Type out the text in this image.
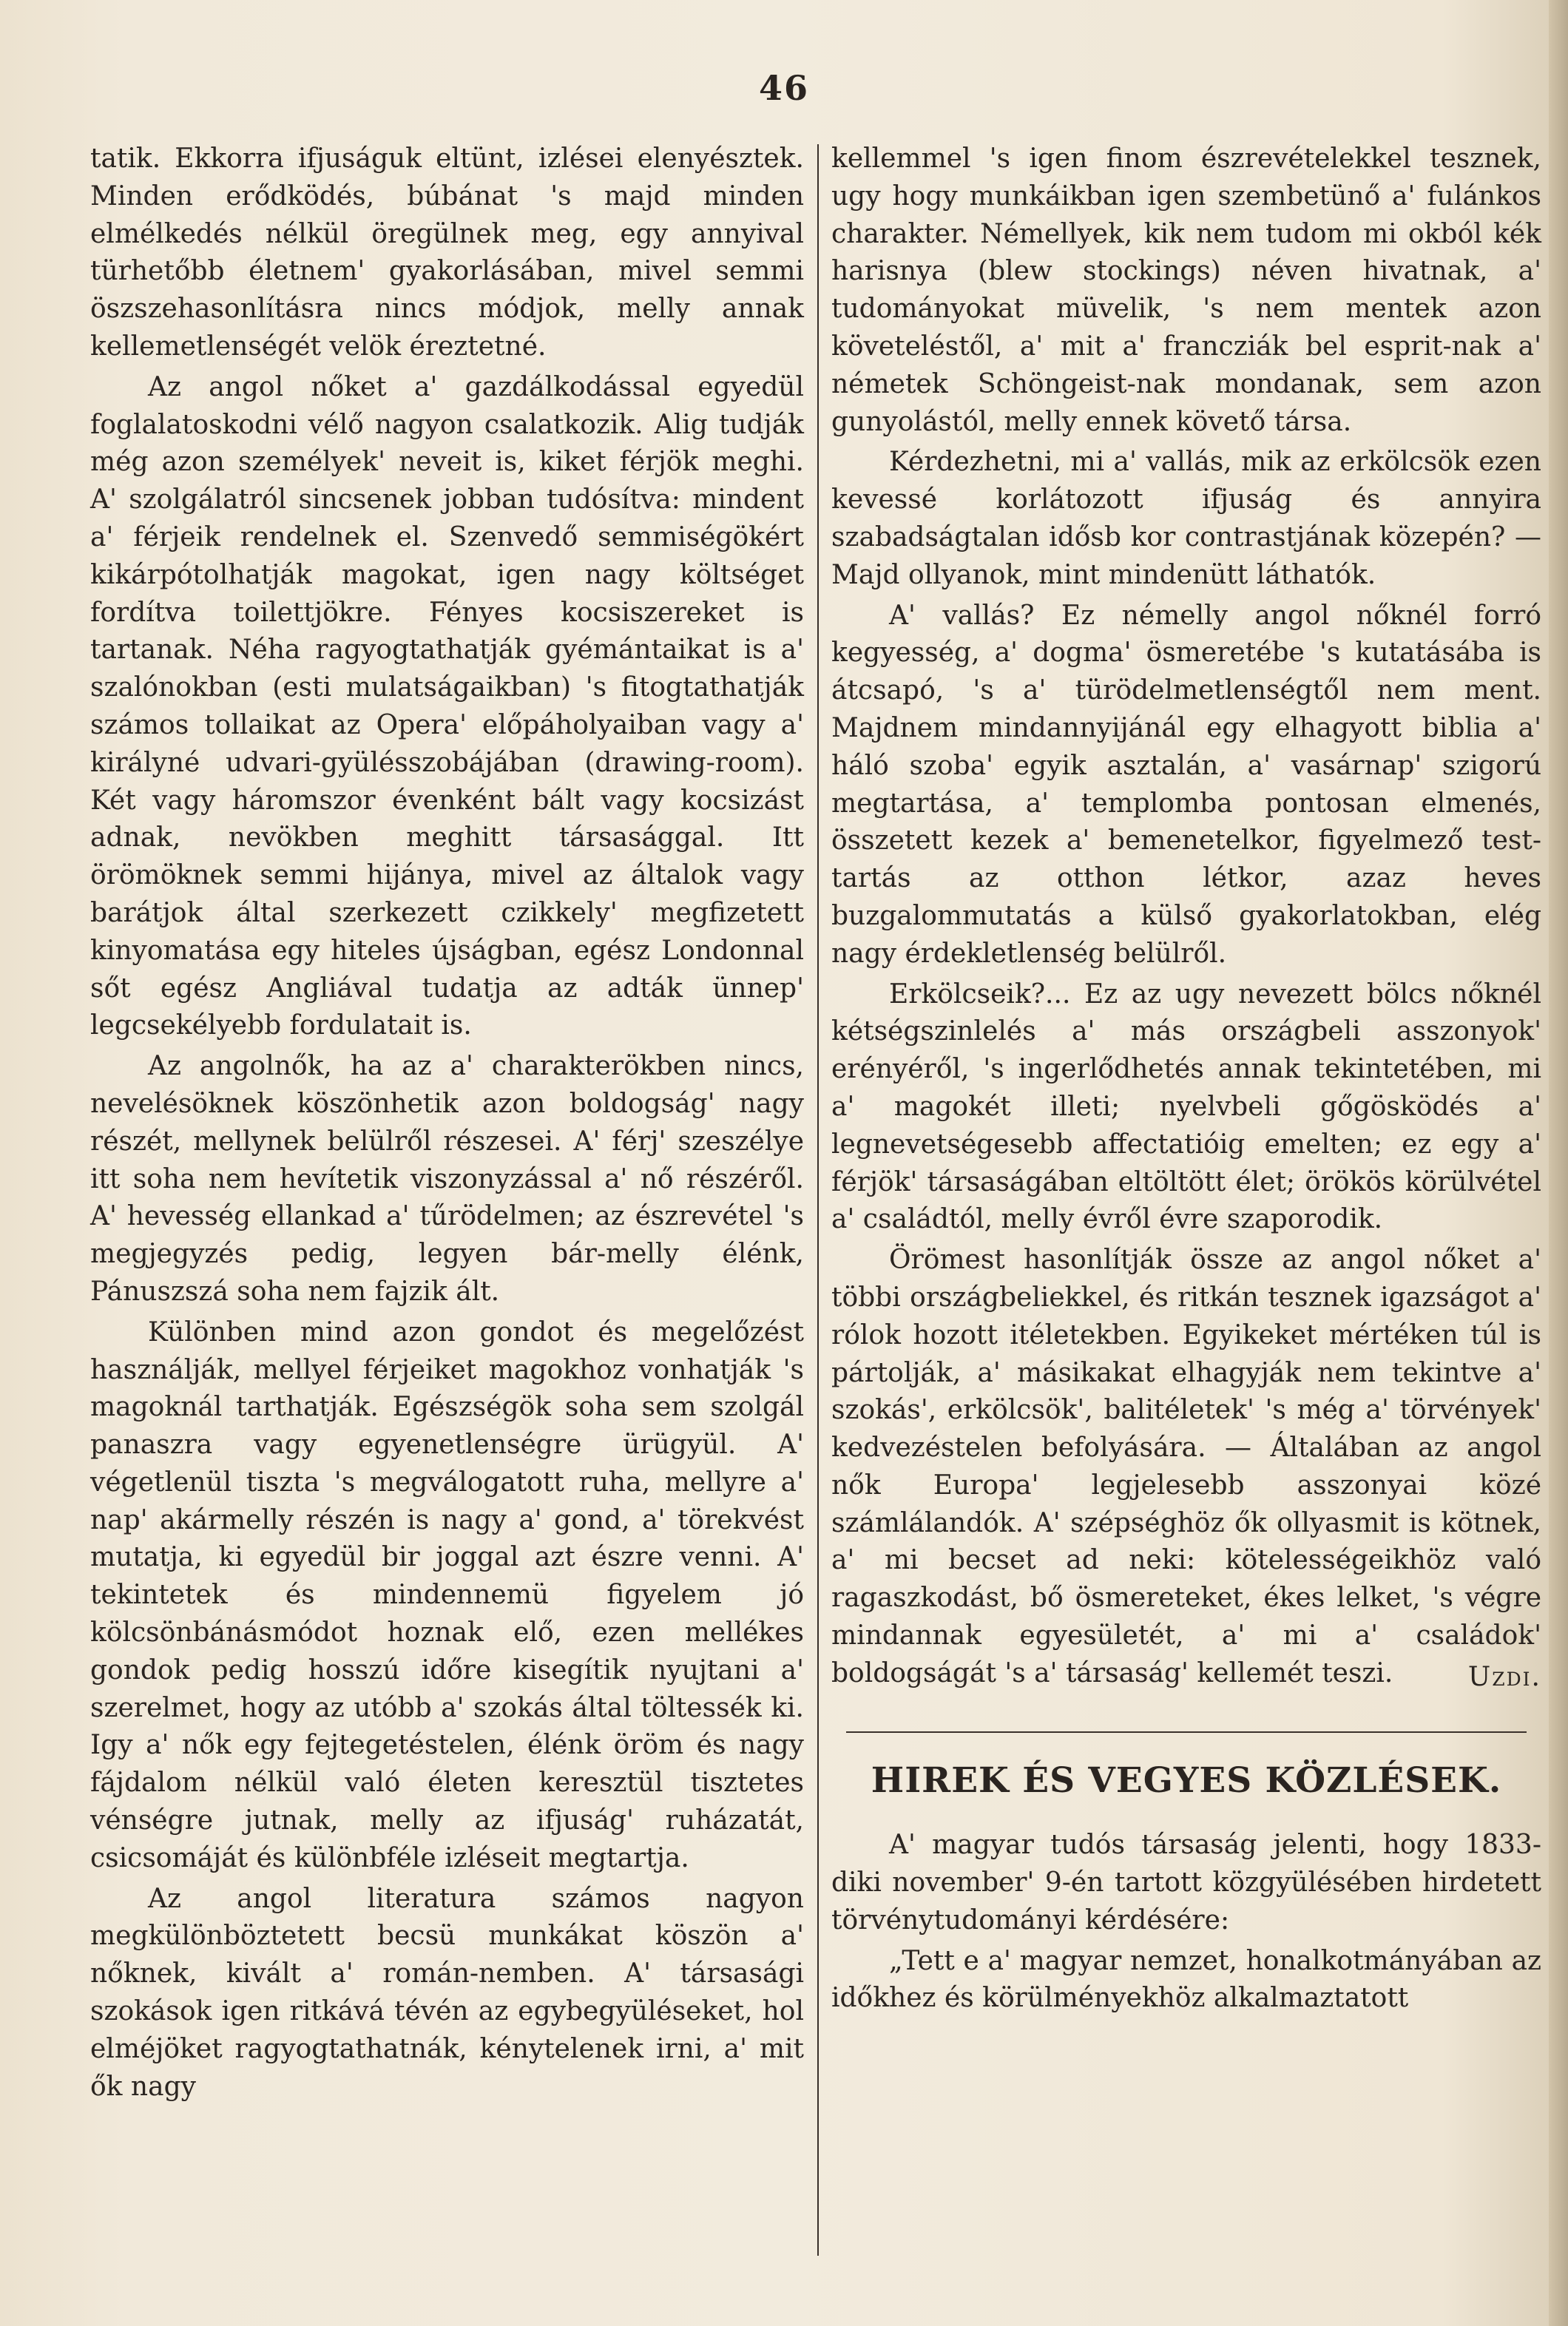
46

tatik. Ekkorra ifjuságuk eltünt, izlései elenyésztek. Minden erődködés, búbánat 's majd minden elmélkedés nélkül öregülnek meg, egy annyival türhetőbb életnem' gyakorlásában, mivel semmi öszszehasonlításra nincs módjok, melly annak kellemetlenségét velök éreztetné.

Az angol nőket a' gazdálkodással egyedül foglalatoskodni vélő nagyon csalatkozik. Alig tudják még azon személyek' neveit is, kiket férjök meghi. A' szolgálatról sincsenek jobban tudósítva: mindent a' férjeik rendelnek el. Szenvedő semmiségökért kikárpótolhatják magokat, igen nagy költséget fordítva toilettjökre. Fényes kocsiszereket is tartanak. Néha ragyogtathatják gyémántaikat is a' szalónokban (esti mulatságaikban) 's fitogtathatják számos tollaikat az Opera' előpáholyaiban vagy a' királyné udvari-gyülésszobájában (drawing-room). Két vagy háromszor évenként bált vagy kocsizást adnak, nevökben meghitt társasággal. Itt örömöknek semmi hijánya, mivel az általok vagy barátjok által szerkezett czikkely' megfizetett kinyomatása egy hiteles újságban, egész Londonnal sőt egész Angliával tudatja az adták ünnep' legcsekélyebb fordulatait is.

Az angolnők, ha az a' charakterökben nincs, nevelésöknek köszönhetik azon boldogság' nagy részét, mellynek belülről részesei. A' férj' szeszélye itt soha nem hevítetik viszonyzással a' nő részéről. A' hevesség ellankad a' tűrödelmen; az észrevétel 's megjegyzés pedig, legyen bár-melly élénk, Pánuszszá soha nem fajzik ált.

Különben mind azon gondot és megelőzést használják, mellyel férjeiket magokhoz vonhatják 's magoknál tarthatják. Egészségök soha sem szolgál panaszra vagy egyenetlenségre ürügyül. A' végetlenül tiszta 's megválogatott ruha, mellyre a' nap' akármelly részén is nagy a' gond, a' törekvést mutatja, ki egyedül bir joggal azt észre venni. A' tekintetek és mindennemü figyelem jó kölcsönbánásmódot hoznak elő, ezen mellékes gondok pedig hosszú időre kisegítik nyujtani a' szerelmet, hogy az utóbb a' szokás által töltessék ki. Igy a' nők egy fejtegetéstelen, élénk öröm és nagy fájdalom nélkül való életen keresztül tisztetes vénségre jutnak, melly az ifjuság' ruházatát, csicsomáját és különbféle izléseit megtartja.

Az angol literatura számos nagyon megkülönböztetett becsü munkákat köszön a' nőknek, kivált a' román-nemben. A' társasági szokások igen ritkává tévén az egybegyüléseket, hol elméjöket ragyogtathatnák, kénytelenek irni, a' mit ők nagy

kellemmel 's igen finom észrevételekkel tesznek, ugy hogy munkáikban igen szembetünő a' fulánkos charakter. Némellyek, kik nem tudom mi okból kék harisnya (blew stockings) néven hivatnak, a' tudományokat müvelik, 's nem mentek azon követeléstől, a' mit a' francziák bel esprit-nak a' németek Schöngeist-nak mondanak, sem azon gunyolástól, melly ennek követő társa.

Kérdezhetni, mi a' vallás, mik az erkölcsök ezen kevessé korlátozott ifjuság és annyira szabadságtalan idősb kor contrastjának közepén? — Majd ollyanok, mint mindenütt láthatók.

A' vallás? Ez némelly angol nőknél forró kegyesség, a' dogma' ösmeretébe 's kutatásába is átcsapó, 's a' türödelmetlenségtől nem ment. Majdnem mindannyijánál egy elhagyott biblia a' háló szoba' egyik asztalán, a' vasárnap' szigorú megtartása, a' templomba pontosan elmenés, összetett kezek a' bemenetelkor, figyelmező test-tartás az otthon létkor, azaz heves buzgalommutatás a külső gyakorlatokban, elég nagy érdekletlenség belülről.

Erkölcseik?... Ez az ugy nevezett bölcs nőknél kétségszinlelés a' más országbeli asszonyok' erényéről, 's ingerlődhetés annak tekintetében, mi a' magokét illeti; nyelvbeli gőgösködés a' legnevetségesebb affectatióig emelten; ez egy a' férjök' társaságában eltöltött élet; örökös körülvétel a' családtól, melly évről évre szaporodik.

Örömest hasonlítják össze az angol nőket a' többi országbeliekkel, és ritkán tesznek igazságot a' rólok hozott itéletekben. Egyikeket mértéken túl is pártolják, a' másikakat elhagyják nem tekintve a' szokás', erkölcsök', balitéletek' 's még a' törvények' kedvezéstelen befolyására. — Általában az angol nők Europa' legjelesebb asszonyai közé számlálandók. A' szépséghöz ők ollyasmit is kötnek, a' mi becset ad neki: kötelességeikhöz való ragaszkodást, bő ösmereteket, ékes lelket, 's végre mindannak egyesületét, a' mi a' családok' boldogságát 's a' társaság' kellemét teszi.	Uzdi.

HIREK ÉS VEGYES KÖZLÉSEK.

A' magyar tudós társaság jelenti, hogy 1833-diki november' 9-én tartott közgyülésében hirdetett törvénytudományi kérdésére:

„Tett e a' magyar nemzet, honalkotmányában az időkhez és körülményekhöz alkalmaztatott
